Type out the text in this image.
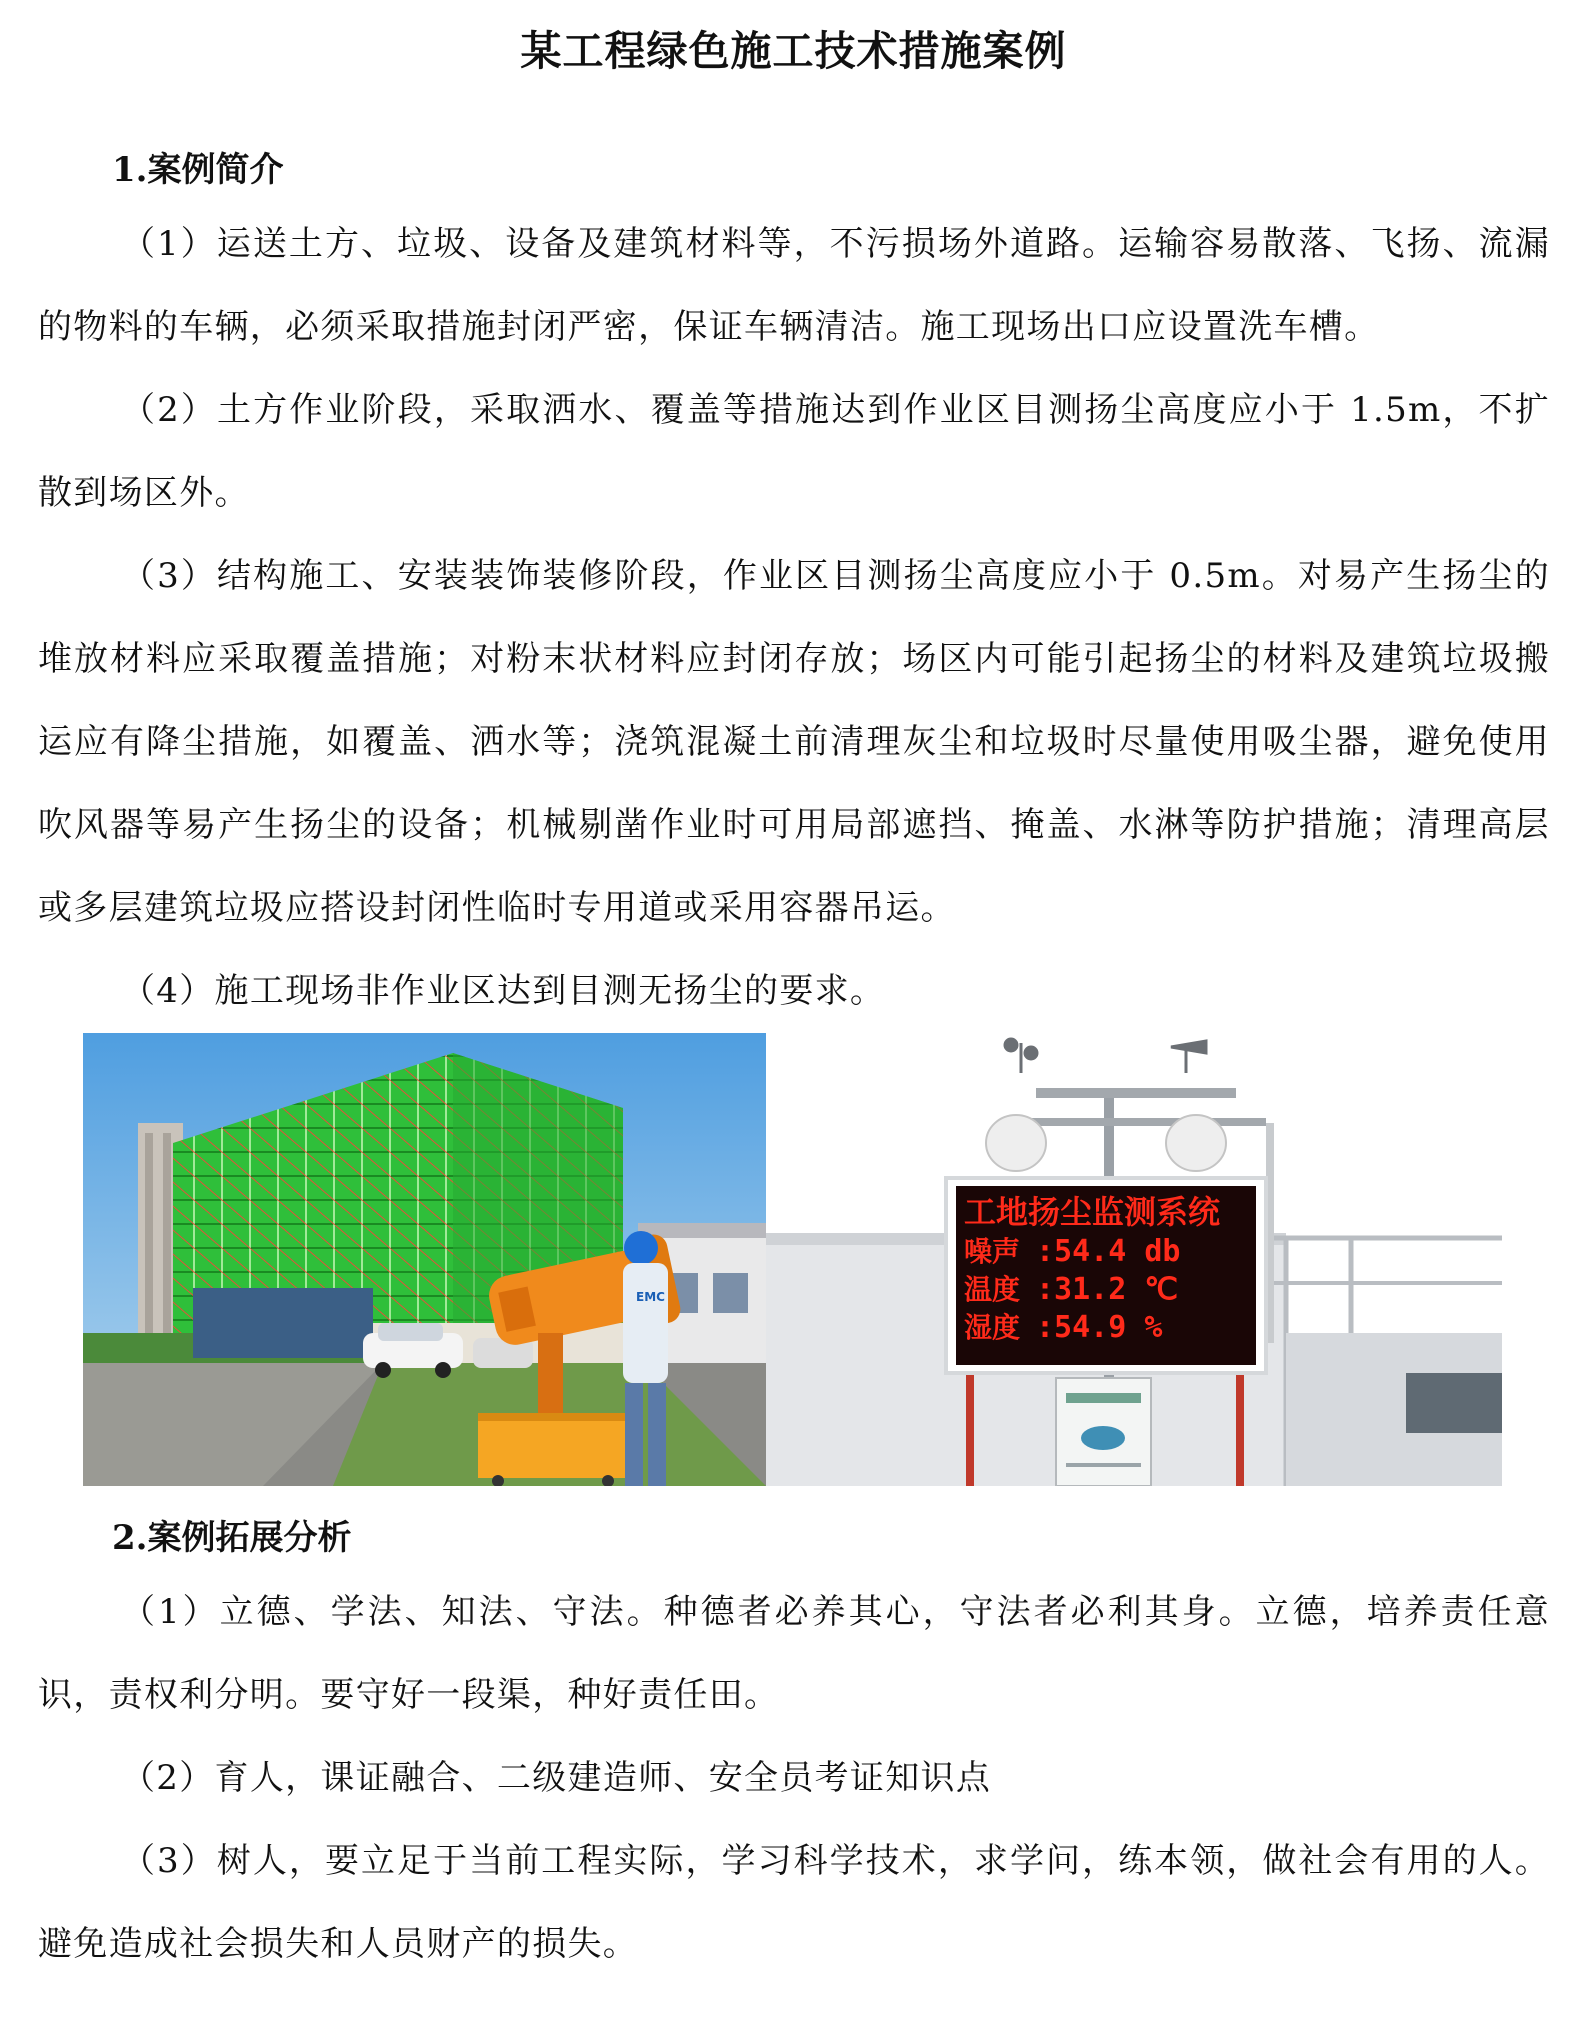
某工程绿色施工技术措施案例

1.案例简介

（1）运送土方、垃圾、设备及建筑材料等，不污损场外道路。运输容易散落、飞扬、流漏的物料的车辆，必须采取措施封闭严密，保证车辆清洁。施工现场出口应设置洗车槽。

（2）土方作业阶段，采取洒水、覆盖等措施达到作业区目测扬尘高度应小于 1.5m，不扩散到场区外。

（3）结构施工、安装装饰装修阶段，作业区目测扬尘高度应小于 0.5m。对易产生扬尘的堆放材料应采取覆盖措施；对粉末状材料应封闭存放；场区内可能引起扬尘的材料及建筑垃圾搬运应有降尘措施，如覆盖、洒水等；浇筑混凝土前清理灰尘和垃圾时尽量使用吸尘器，避免使用吹风器等易产生扬尘的设备；机械剔凿作业时可用局部遮挡、掩盖、水淋等防护措施；清理高层或多层建筑垃圾应搭设封闭性临时专用道或采用容器吊运。

（4）施工现场非作业区达到目测无扬尘的要求。

EMC
工地扬尘监测系统
噪声 :54.4 db
温度 :31.2 ℃
湿度 :54.9 %

2.案例拓展分析

（1）立德、学法、知法、守法。种德者必养其心，守法者必利其身。立德，培养责任意识，责权利分明。要守好一段渠，种好责任田。

（2）育人，课证融合、二级建造师、安全员考证知识点

（3）树人，要立足于当前工程实际，学习科学技术，求学问，练本领，做社会有用的人。避免造成社会损失和人员财产的损失。
